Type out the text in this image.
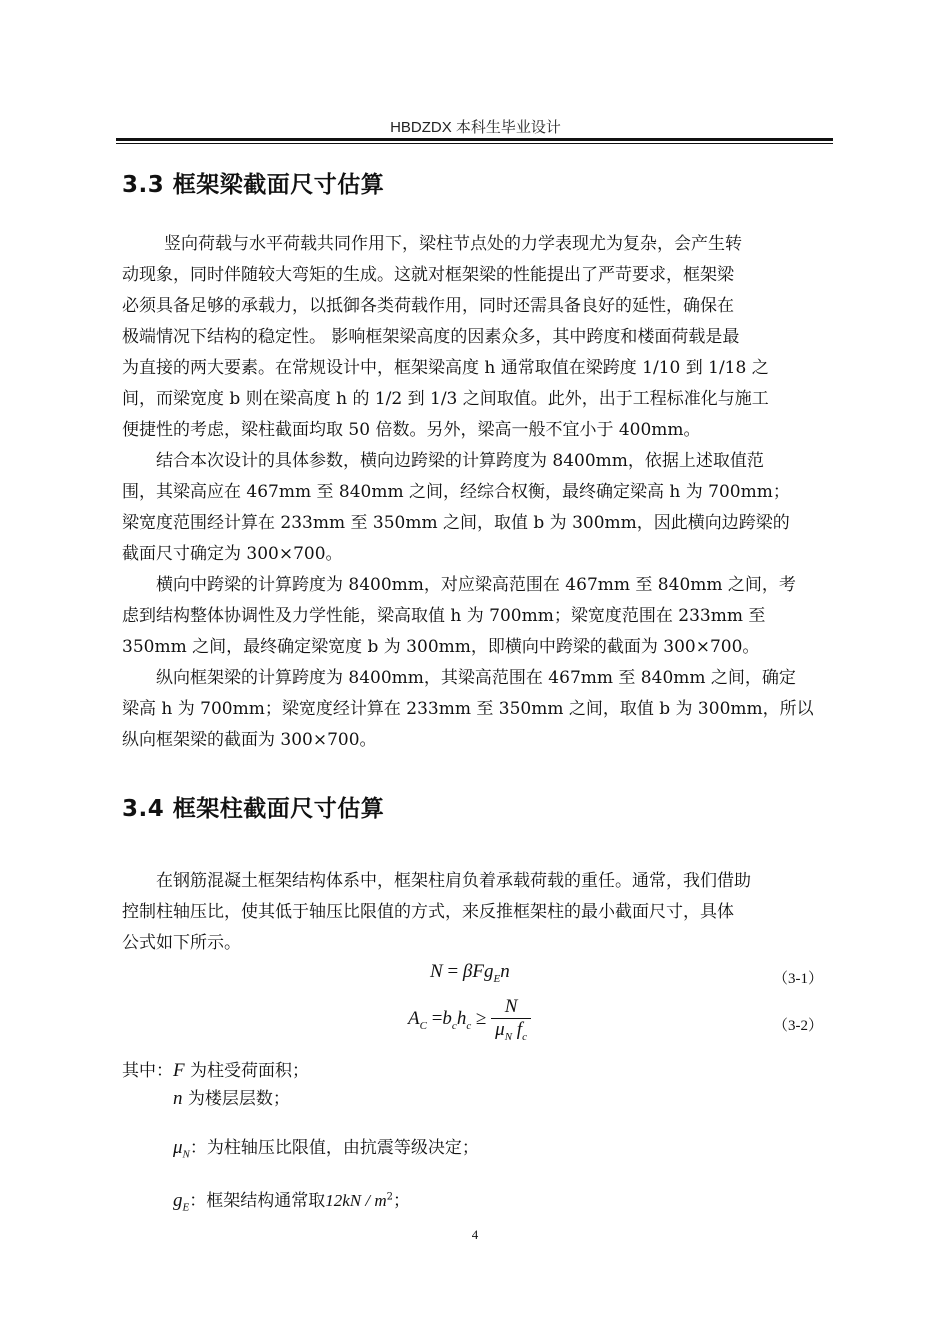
HBDZDX 本科生毕业设计
3.3 框架梁截面尺寸估算
竖向荷载与水平荷载共同作用下，梁柱节点处的力学表现尤为复杂，会产生转
动现象，同时伴随较大弯矩的生成。这就对框架梁的性能提出了严苛要求，框架梁
必须具备足够的承载力，以抵御各类荷载作用，同时还需具备良好的延性，确保在
极端情况下结构的稳定性。 影响框架梁高度的因素众多，其中跨度和楼面荷载是最
为直接的两大要素。在常规设计中，框架梁高度 h 通常取值在梁跨度 1/10 到 1/18 之
间，而梁宽度 b 则在梁高度 h 的 1/2 到 1/3 之间取值。此外，出于工程标准化与施工
便捷性的考虑，梁柱截面均取 50 倍数。另外，梁高一般不宜小于 400mm。
结合本次设计的具体参数，横向边跨梁的计算跨度为 8400mm，依据上述取值范
围，其梁高应在 467mm 至 840mm 之间，经综合权衡，最终确定梁高 h 为 700mm；
梁宽度范围经计算在 233mm 至 350mm 之间，取值 b 为 300mm，因此横向边跨梁的
截面尺寸确定为 300×700。
横向中跨梁的计算跨度为 8400mm，对应梁高范围在 467mm 至 840mm 之间，考
虑到结构整体协调性及力学性能，梁高取值 h 为 700mm；梁宽度范围在 233mm 至
350mm 之间，最终确定梁宽度 b 为 300mm，即横向中跨梁的截面为 300×700。
纵向框架梁的计算跨度为 8400mm，其梁高范围在 467mm 至 840mm 之间，确定
梁高 h 为 700mm；梁宽度经计算在 233mm 至 350mm 之间，取值 b 为 300mm，所以
纵向框架梁的截面为 300×700。
3.4 框架柱截面尺寸估算
在钢筋混凝土框架结构体系中，框架柱肩负着承载荷载的重任。通常，我们借助
控制柱轴压比，使其低于轴压比限值的方式，来反推框架柱的最小截面尺寸，具体
公式如下所示。
N = βFg$_E$n	（3-1）
$A_C =b_ch_c \ge \frac{N}{\mu_N f_c}$	（3-2）
其中：F 为柱受荷面积；
n 为楼层层数；
$\mu_N$：为柱轴压比限值，由抗震等级决定；
$g_E$：框架结构通常取$12kN / m^2$；
4
